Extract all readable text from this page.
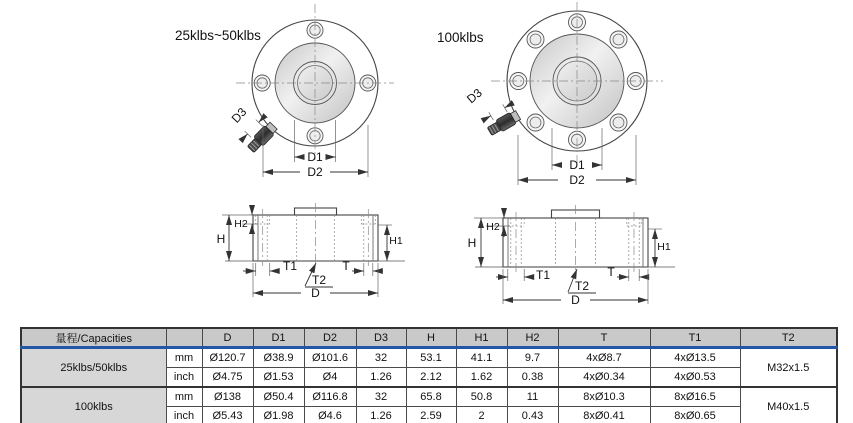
25klbs~50klbs
D3
D1
D2
100klbs
D3
D1
D2
H
H2
H1
T1	T
T2
D
H
H2
H1
T1	T
T2
D
量程/Capacities		D	D1	D2	D3	H	H1	H2	T	T1	T2
25klbs/50klbs	mm	Ø120.7	Ø38.9	Ø101.6	32	53.1	41.1	9.7	4xØ8.7	4xØ13.5	M32x1.5
	inch	Ø4.75	Ø1.53	Ø4	1.26	2.12	1.62	0.38	4xØ0.34	4xØ0.53	
100klbs	mm	Ø138	Ø50.4	Ø116.8	32	65.8	50.8	11	8xØ10.3	8xØ16.5	M40x1.5
	inch	Ø5.43	Ø1.98	Ø4.6	1.26	2.59	2	0.43	8xØ0.41	8xØ0.65	
